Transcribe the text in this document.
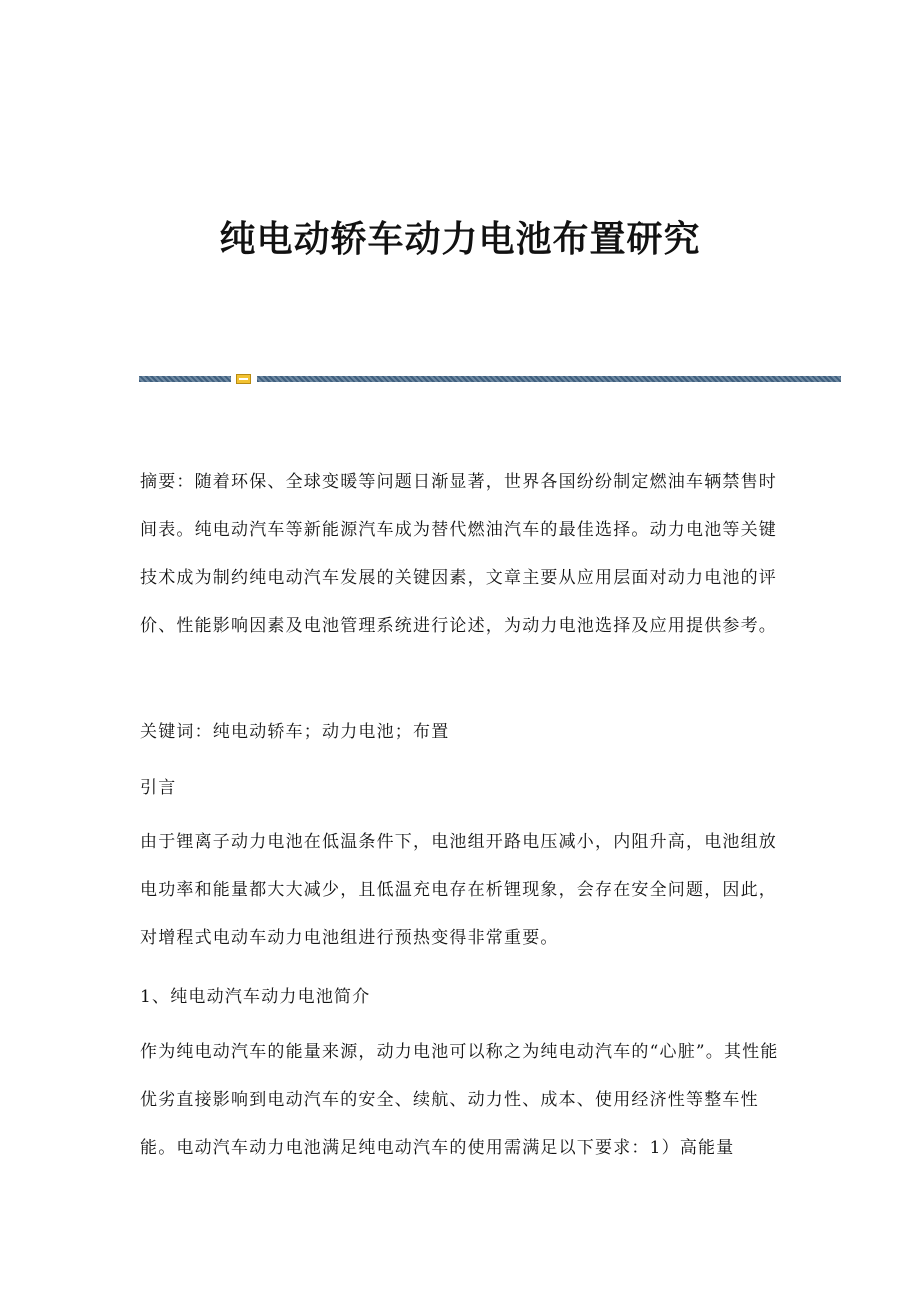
纯电动轿车动力电池布置研究

摘要：随着环保、全球变暖等问题日渐显著，世界各国纷纷制定燃油车辆禁售时间表。纯电动汽车等新能源汽车成为替代燃油汽车的最佳选择。动力电池等关键技术成为制约纯电动汽车发展的关键因素，文章主要从应用层面对动力电池的评价、性能影响因素及电池管理系统进行论述，为动力电池选择及应用提供参考。

关键词：纯电动轿车；动力电池；布置

引言

由于锂离子动力电池在低温条件下，电池组开路电压减小，内阻升高，电池组放电功率和能量都大大减少，且低温充电存在析锂现象，会存在安全问题，因此，对增程式电动车动力电池组进行预热变得非常重要。

1、纯电动汽车动力电池简介

作为纯电动汽车的能量来源，动力电池可以称之为纯电动汽车的“心脏”。其性能优劣直接影响到电动汽车的安全、续航、动力性、成本、使用经济性等整车性能。电动汽车动力电池满足纯电动汽车的使用需满足以下要求：1）高能量
